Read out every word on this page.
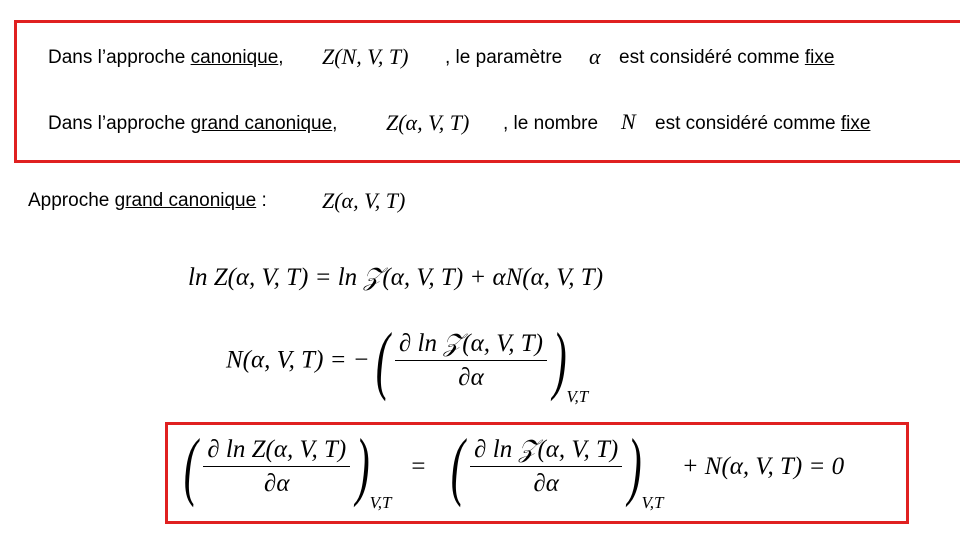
Dans l’approche canonique, Z(N, V, T) , le paramètre α est considéré comme fixe
Dans l’approche grand canonique, Z(α, V, T) , le nombre N est considéré comme fixe
Approche grand canonique :	Z(α, V, T)
ln Z(α, V, T) = ln 𝒵(α, V, T) + αN(α, V, T)
N(α, V, T) = −( $\frac{\text{∂ ln 𝒵(α, V, T)}}{\partial\alpha} )_{V,T}$
( $\frac{\text{∂ ln Z(α, V, T)}}{\partial\alpha} )_{V,T}$ = ( $\frac{\text{∂ ln 𝒵(α, V, T)}}{\partial\alpha} )_{V,T} + N(\alpha$, V, T) = 0
